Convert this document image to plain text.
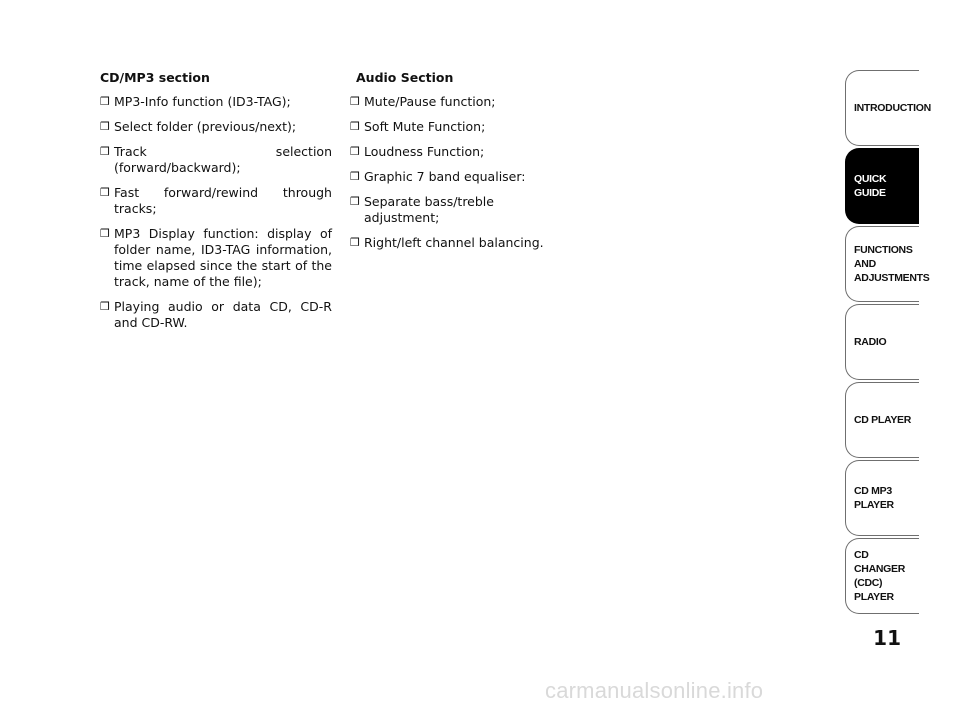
CD/MP3 section
❒ MP3-Info function (ID3-TAG);
❒ Select folder (previous/next);
❒ Track selection (forward/backward);
❒ Fast forward/rewind through tracks;
❒ MP3 Display function: display of folder name, ID3-TAG information, time elapsed since the start of the track, name of the file);
❒ Playing audio or data CD, CD-R and CD-RW.
Audio Section
❒ Mute/Pause function;
❒ Soft Mute Function;
❒ Loudness Function;
❒ Graphic 7 band equaliser:
❒ Separate bass/treble adjustment;
❒ Right/left channel balancing.
INTRODUCTION
QUICK
GUIDE
FUNCTIONS
AND
ADJUSTMENTS
RADIO
CD PLAYER
CD MP3
PLAYER
CD CHANGER
(CDC) PLAYER
11
carmanualsonline.info
